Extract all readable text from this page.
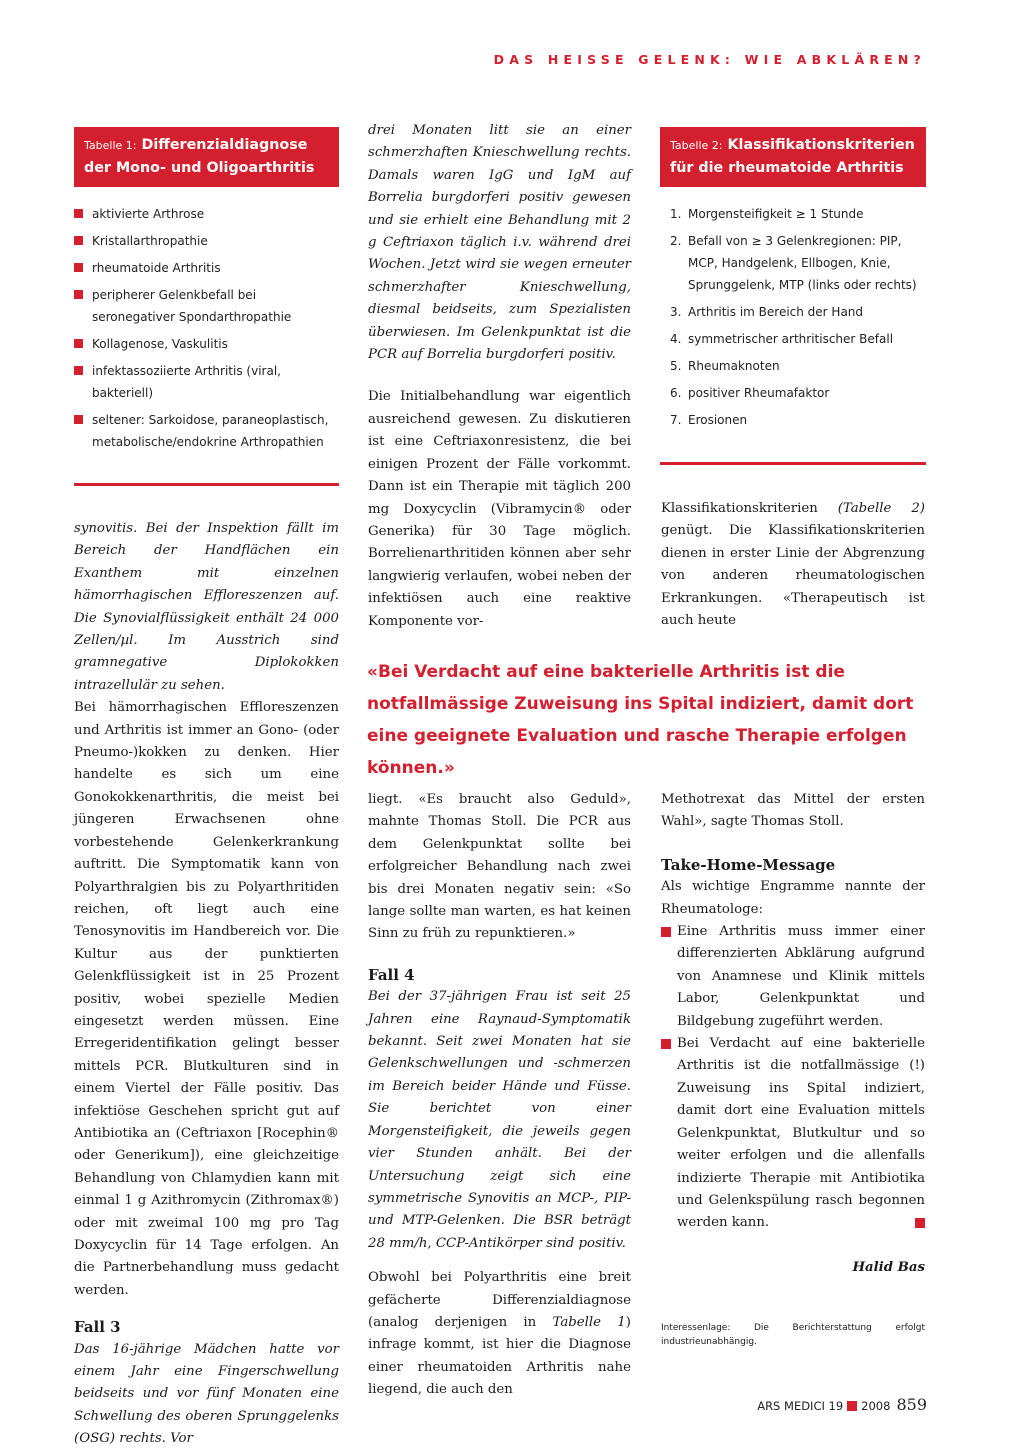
DAS HEISSE GELENK: WIE ABKLÄREN?
Tabelle 1: Differenzialdiagnose der Mono- und Oligoarthritis
aktivierte Arthrose
Kristallarthropathie
rheumatoide Arthritis
peripherer Gelenkbefall bei seronegativer Spondarthropathie
Kollagenose, Vaskulitis
infektassoziierte Arthritis (viral, bakteriell)
seltener: Sarkoidose, paraneoplastisch, metabolische/endokrine Arthropathien
Tabelle 2: Klassifikationskriterien für die rheumatoide Arthritis
1. Morgensteifigkeit ≥ 1 Stunde
2. Befall von ≥ 3 Gelenkregionen: PIP, MCP, Handgelenk, Ellbogen, Knie, Sprunggelenk, MTP (links oder rechts)
3. Arthritis im Bereich der Hand
4. symmetrischer arthritischer Befall
5. Rheumaknoten
6. positiver Rheumafaktor
7. Erosionen

synovitis. Bei der Inspektion fällt im Bereich der Handflächen ein Exanthem mit einzelnen hämorrhagischen Effloreszenzen auf. Die Synovialflüssigkeit enthält 24 000 Zellen/µl. Im Ausstrich sind gramnegative Diplokokken intrazellulär zu sehen.

Bei hämorrhagischen Effloreszenzen und Arthritis ist immer an Gono- (oder Pneumo-)kokken zu denken. Hier handelte es sich um eine Gonokokkenarthritis, die meist bei jüngeren Erwachsenen ohne vorbestehende Gelenkerkrankung auftritt. Die Symptomatik kann von Polyarthralgien bis zu Polyarthritiden reichen, oft liegt auch eine Tenosynovitis im Handbereich vor. Die Kultur aus der punktierten Gelenkflüssigkeit ist in 25 Prozent positiv, wobei spezielle Medien eingesetzt werden müssen. Eine Erregeridentifikation gelingt besser mittels PCR. Blutkulturen sind in einem Viertel der Fälle positiv. Das infektiöse Geschehen spricht gut auf Antibiotika an (Ceftriaxon [Rocephin® oder Generikum]), eine gleichzeitige Behandlung von Chlamydien kann mit einmal 1 g Azithromycin (Zithromax®) oder mit zweimal 100 mg pro Tag Doxycyclin für 14 Tage erfolgen. An die Partnerbehandlung muss gedacht werden.

Fall 3

Das 16-jährige Mädchen hatte vor einem Jahr eine Fingerschwellung beidseits und vor fünf Monaten eine Schwellung des oberen Sprunggelenks (OSG) rechts. Vor

drei Monaten litt sie an einer schmerzhaften Knieschwellung rechts. Damals waren IgG und IgM auf Borrelia burgdorferi positiv gewesen und sie erhielt eine Behandlung mit 2 g Ceftriaxon täglich i.v. während drei Wochen. Jetzt wird sie wegen erneuter schmerzhafter Knieschwellung, diesmal beidseits, zum Spezialisten überwiesen. Im Gelenkpunktat ist die PCR auf Borrelia burgdorferi positiv.

Die Initialbehandlung war eigentlich ausreichend gewesen. Zu diskutieren ist eine Ceftriaxonresistenz, die bei einigen Prozent der Fälle vorkommt. Dann ist ein Therapie mit täglich 200 mg Doxycyclin (Vibramycin® oder Generika) für 30 Tage möglich. Borrelienarthritiden können aber sehr langwierig verlaufen, wobei neben der infektiösen auch eine reaktive Komponente vor-

«Bei Verdacht auf eine bakterielle Arthritis ist die notfallmässige Zuweisung ins Spital indiziert, damit dort eine geeignete Evaluation und rasche Therapie erfolgen können.»

liegt. «Es braucht also Geduld», mahnte Thomas Stoll. Die PCR aus dem Gelenkpunktat sollte bei erfolgreicher Behandlung nach zwei bis drei Monaten negativ sein: «So lange sollte man warten, es hat keinen Sinn zu früh zu repunktieren.»

Fall 4

Bei der 37-jährigen Frau ist seit 25 Jahren eine Raynaud-Symptomatik bekannt. Seit zwei Monaten hat sie Gelenkschwellungen und -schmerzen im Bereich beider Hände und Füsse. Sie berichtet von einer Morgensteifigkeit, die jeweils gegen vier Stunden anhält. Bei der Untersuchung zeigt sich eine symmetrische Synovitis an MCP-, PIP- und MTP-Gelenken. Die BSR beträgt 28 mm/h, CCP-Antikörper sind positiv.

Obwohl bei Polyarthritis eine breit gefächerte Differenzialdiagnose (analog derjenigen in Tabelle 1) infrage kommt, ist hier die Diagnose einer rheumatoiden Arthritis nahe liegend, die auch den

Klassifikationskriterien (Tabelle 2) genügt. Die Klassifikationskriterien dienen in erster Linie der Abgrenzung von anderen rheumatologischen Erkrankungen. «Therapeutisch ist auch heute

Methotrexat das Mittel der ersten Wahl», sagte Thomas Stoll.

Take-Home-Message

Als wichtige Engramme nannte der Rheumatologe:

Eine Arthritis muss immer einer differenzierten Abklärung aufgrund von Anamnese und Klinik mittels Labor, Gelenkpunktat und Bildgebung zugeführt werden.

Bei Verdacht auf eine bakterielle Arthritis ist die notfallmässige (!) Zuweisung ins Spital indiziert, damit dort eine Evaluation mittels Gelenkpunktat, Blutkultur und so weiter erfolgen und die allenfalls indizierte Therapie mit Antibiotika und Gelenkspülung rasch begonnen werden kann.

Halid Bas

Interessenlage: Die Berichterstattung erfolgt industrieunabhängig.

ARS MEDICI 19 2008 859
